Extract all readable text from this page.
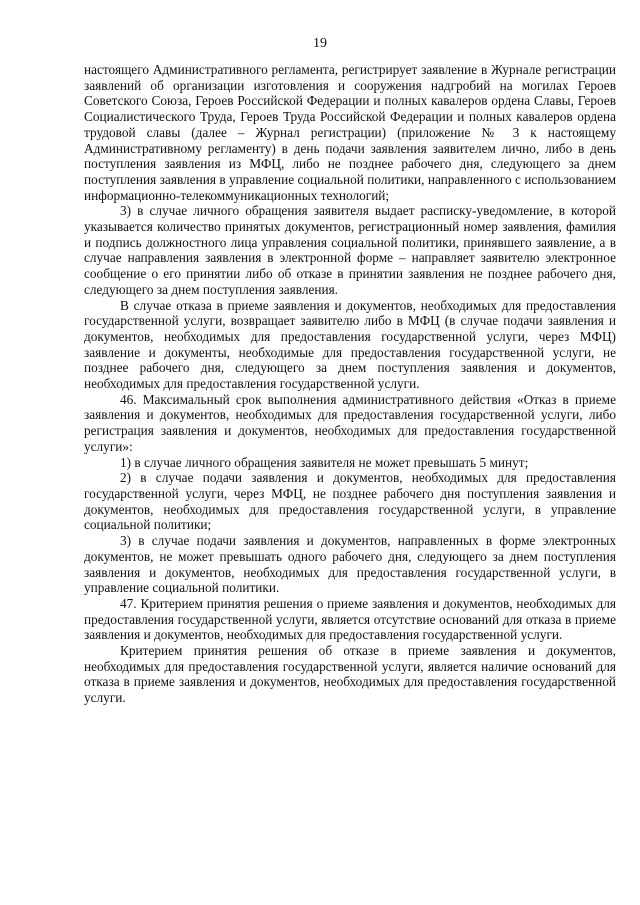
19

настоящего Административного регламента, регистрирует заявление в Журнале регистрации заявлений об организации изготовления и сооружения надгробий на могилах Героев Советского Союза, Героев Российской Федерации и полных кавалеров ордена Славы, Героев Социалистического Труда, Героев Труда Российской Федерации и полных кавалеров ордена трудовой славы (далее – Журнал регистрации) (приложение № 3 к настоящему Административному регламенту) в день подачи заявления заявителем лично, либо в день поступления заявления из МФЦ, либо не позднее рабочего дня, следующего за днем поступления заявления в управление социальной политики, направленного с использованием информационно-телекоммуникационных технологий;

3) в случае личного обращения заявителя выдает расписку-уведомление, в которой указывается количество принятых документов, регистрационный номер заявления, фамилия и подпись должностного лица управления социальной политики, принявшего заявление, а в случае направления заявления в электронной форме – направляет заявителю электронное сообщение о его принятии либо об отказе в принятии заявления не позднее рабочего дня, следующего за днем поступления заявления.

В случае отказа в приеме заявления и документов, необходимых для предоставления государственной услуги, возвращает заявителю либо в МФЦ (в случае подачи заявления и документов, необходимых для предоставления государственной услуги, через МФЦ) заявление и документы, необходимые для предоставления государственной услуги, не позднее рабочего дня, следующего за днем поступления заявления и документов, необходимых для предоставления государственной услуги.

46. Максимальный срок выполнения административного действия «Отказ в приеме заявления и документов, необходимых для предоставления государственной услуги, либо регистрация заявления и документов, необходимых для предоставления государственной услуги»:

1) в случае личного обращения заявителя не может превышать 5 минут;

2) в случае подачи заявления и документов, необходимых для предоставления государственной услуги, через МФЦ, не позднее рабочего дня поступления заявления и документов, необходимых для предоставления государственной услуги, в управление социальной политики;

3) в случае подачи заявления и документов, направленных в форме электронных документов, не может превышать одного рабочего дня, следующего за днем поступления заявления и документов, необходимых для предоставления государственной услуги, в управление социальной политики.

47. Критерием принятия решения о приеме заявления и документов, необходимых для предоставления государственной услуги, является отсутствие оснований для отказа в приеме заявления и документов, необходимых для предоставления государственной услуги.

Критерием принятия решения об отказе в приеме заявления и документов, необходимых для предоставления государственной услуги, является наличие оснований для отказа в приеме заявления и документов, необходимых для предоставления государственной услуги.
